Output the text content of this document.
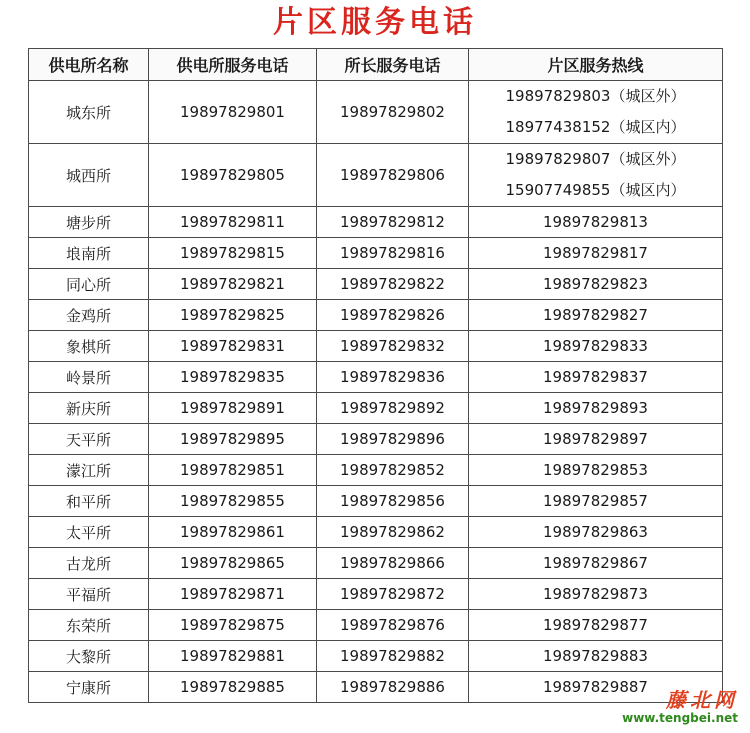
片区服务电话
供电所名称	供电所服务电话	所长服务电话	片区服务热线
城东所	19897829801	19897829802	19897829803（城区外）
18977438152（城区内）

城西所	19897829805	19897829806	19897829807（城区外）
15907749855（城区内）

塘步所	19897829811	19897829812	19897829813

埌南所	19897829815	19897829816	19897829817

同心所	19897829821	19897829822	19897829823

金鸡所	19897829825	19897829826	19897829827

象棋所	19897829831	19897829832	19897829833

岭景所	19897829835	19897829836	19897829837

新庆所	19897829891	19897829892	19897829893

天平所	19897829895	19897829896	19897829897

濛江所	19897829851	19897829852	19897829853

和平所	19897829855	19897829856	19897829857

太平所	19897829861	19897829862	19897829863

古龙所	19897829865	19897829866	19897829867

平福所	19897829871	19897829872	19897829873

东荣所	19897829875	19897829876	19897829877

大黎所	19897829881	19897829882	19897829883

宁康所	19897829885	19897829886	19897829887
藤北网
www.tengbei.net
